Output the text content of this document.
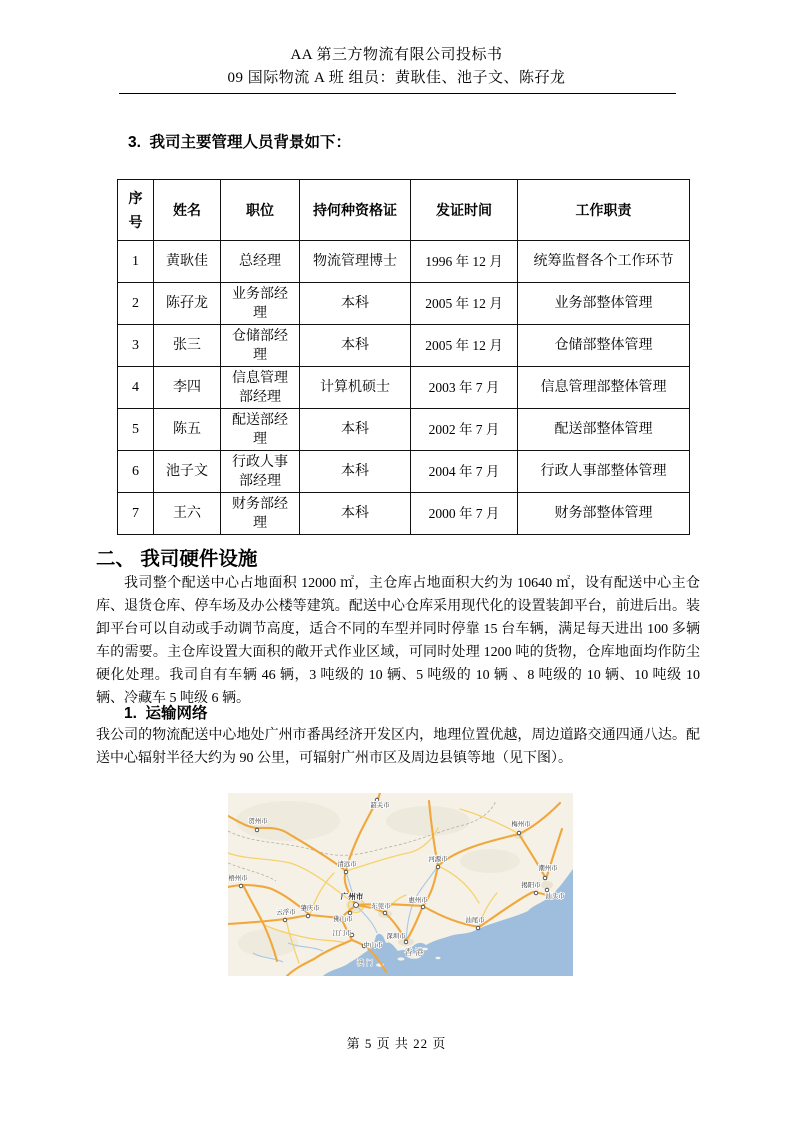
AA 第三方物流有限公司投标书
09 国际物流 A 班 组员：黄耿佳、池子文、陈孖龙
3.  我司主要管理人员背景如下：
序号	姓名	职位	持何种资格证	发证时间	工作职责
1	黄耿佳	总经理	物流管理博士	1996 年 12 月	统筹监督各个工作环节
2	陈孖龙	业务部经理	本科	2005 年 12 月	业务部整体管理
3	张三	仓储部经理	本科	2005 年 12 月	仓储部整体管理
4	李四	信息管理部经理	计算机硕士	2003 年 7 月	信息管理部整体管理
5	陈五	配送部经理	本科	2002 年 7 月	配送部整体管理
6	池子文	行政人事部经理	本科	2004 年 7 月	行政人事部整体管理
7	王六	财务部经理	本科	2000 年 7 月	财务部整体管理
二、 我司硬件设施

我司整个配送中心占地面积 12000 ㎡，主仓库占地面积大约为 10640 ㎡，设有配送中心主仓库、退货仓库、停车场及办公楼等建筑。配送中心仓库采用现代化的设置装卸平台，前进后出。装卸平台可以自动或手动调节高度，适合不同的车型并同时停靠 15 台车辆，满足每天进出 100 多辆车的需要。主仓库设置大面积的敞开式作业区域，可同时处理 1200 吨的货物，仓库地面均作防尘硬化处理。我司自有车辆 46 辆，3 吨级的 10 辆、5 吨级的 10 辆 、8 吨级的 10 辆、10 吨级 10 辆、冷藏车 5 吨级 6 辆。

1.  运输网络

我公司的物流配送中心地处广州市番禺经济开发区内，地理位置优越，周边道路交通四通八达。配送中心辐射半径大约为 90 公里，可辐射广州市区及周边县镇等地（见下图）。

贺州市
韶关市
梅州市
清远市
河源市
潮州市
揭阳市
汕头市
梧州市
肇庆市
云浮市
广州市
东莞市
惠州市
佛山市	汕尾市
江门市
中山市
深圳市
香港
澳门
第 5 页 共 22 页
